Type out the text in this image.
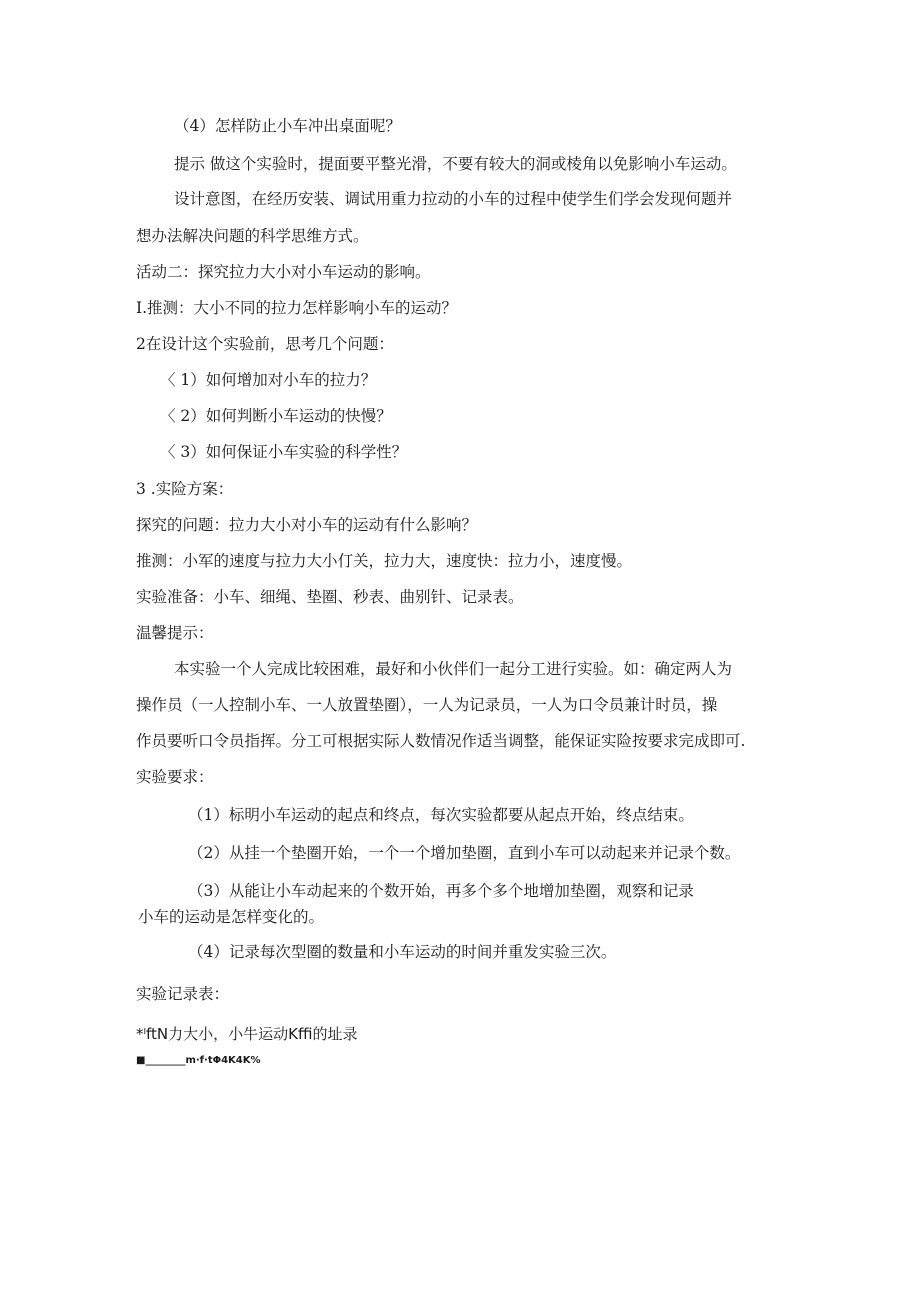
（4）怎样防止小车冲出桌面呢？

提示 做这个实验时，提面要平整光滑，不要有较大的洞或棱角以免影响小车运动。

设计意图，在经历安装、调试用重力拉动的小车的过程中使学生们学会发现何题并

想办法解决问题的科学思维方式。

活动二：探究拉力大小对小车运动的影响。

I.推测：大小不同的拉力怎样影响小车的运动？

2在设计这个实验前，思考几个问题：

〈 1）如何增加对小车的拉力？

〈 2）如何判断小车运动的快慢？

〈 3）如何保证小车实验的科学性？

3 .实险方案：

探究的问题：拉力大小对小车的运动有什么影响？

推测：小军的速度与拉力大小仃关，拉力大，速度快：拉力小，速度慢。

实验准备：小车、细绳、垫圈、秒表、曲别针、记录表。

温馨提示：

本实验一个人完成比较困难，最好和小伙伴们一起分工进行实验。如：确定两人为

操作员（一人控制小车、一人放置垫圈），一人为记录员，一人为口令员兼计时员，操

作员要听口令员指挥。分工可根据实际人数情况作适当调整，能保证实险按要求完成即可.

实验要求：

（1）标明小车运动的起点和终点，每次实验都要从起点开始，终点结束。

（2）从挂一个垫圈开始，一个一个增加垫圈，直到小车可以动起来并记录个数。

（3）从能让小车动起来的个数开始，再多个多个地增加垫圈，观察和记录

小车的运动是怎样变化的。

（4）记录每次型圈的数量和小车运动的时间并重发实验三次。

实验记录表：

*ˡftN力大小，小牛运动Kffi的址录

■________m·f·tΦ4K4K%
